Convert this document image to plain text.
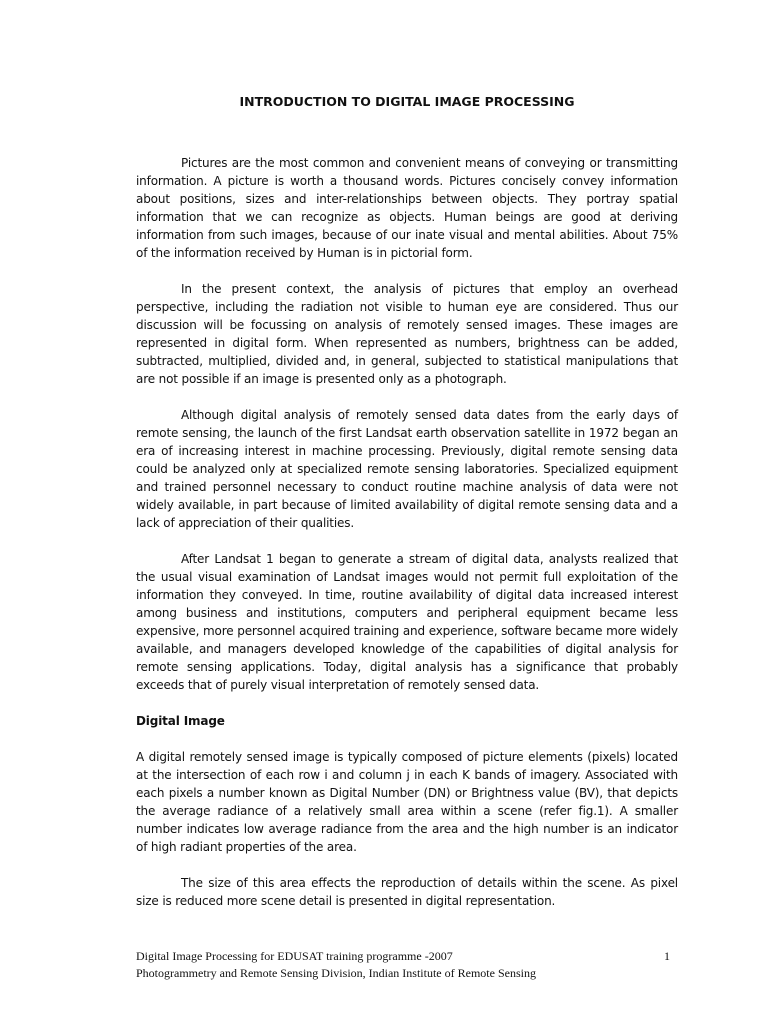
INTRODUCTION TO DIGITAL IMAGE PROCESSING

Pictures are the most common and convenient means of conveying or transmitting information. A picture is worth a thousand words. Pictures concisely convey information about positions, sizes and inter-relationships between objects. They portray spatial information that we can recognize as objects. Human beings are good at deriving information from such images, because of our inate visual and mental abilities. About 75% of the information received by Human is in pictorial form.

In the present context, the analysis of pictures that employ an overhead perspective, including the radiation not visible to human eye are considered. Thus our discussion will be focussing on analysis of remotely sensed images. These images are represented in digital form. When represented as numbers, brightness can be added, subtracted, multiplied, divided and, in general, subjected to statistical manipulations that are not possible if an image is presented only as a photograph.

Although digital analysis of remotely sensed data dates from the early days of remote sensing, the launch of the first Landsat earth observation satellite in 1972 began an era of increasing interest in machine processing. Previously, digital remote sensing data could be analyzed only at specialized remote sensing laboratories. Specialized equipment and trained personnel necessary to conduct routine machine analysis of data were not widely available, in part because of limited availability of digital remote sensing data and a lack of appreciation of their qualities.

After Landsat 1 began to generate a stream of digital data, analysts realized that the usual visual examination of Landsat images would not permit full exploitation of the information they conveyed. In time, routine availability of digital data increased interest among business and institutions, computers and peripheral equipment became less expensive, more personnel acquired training and experience, software became more widely available, and managers developed knowledge of the capabilities of digital analysis for remote sensing applications. Today, digital analysis has a significance that probably exceeds that of purely visual interpretation of remotely sensed data.

Digital Image

A digital remotely sensed image is typically composed of picture elements (pixels) located at the intersection of each row i and column j in each K bands of imagery. Associated with each pixels a number known as Digital Number (DN) or Brightness value (BV), that depicts the average radiance of a relatively small area within a scene (refer fig.1). A smaller number indicates low average radiance from the area and the high number is an indicator of high radiant properties of the area.

The size of this area effects the reproduction of details within the scene. As pixel size is reduced more scene detail is presented in digital representation.

Digital Image Processing for EDUSAT training programme -2007	1
Photogrammetry and Remote Sensing Division, Indian Institute of Remote Sensing
